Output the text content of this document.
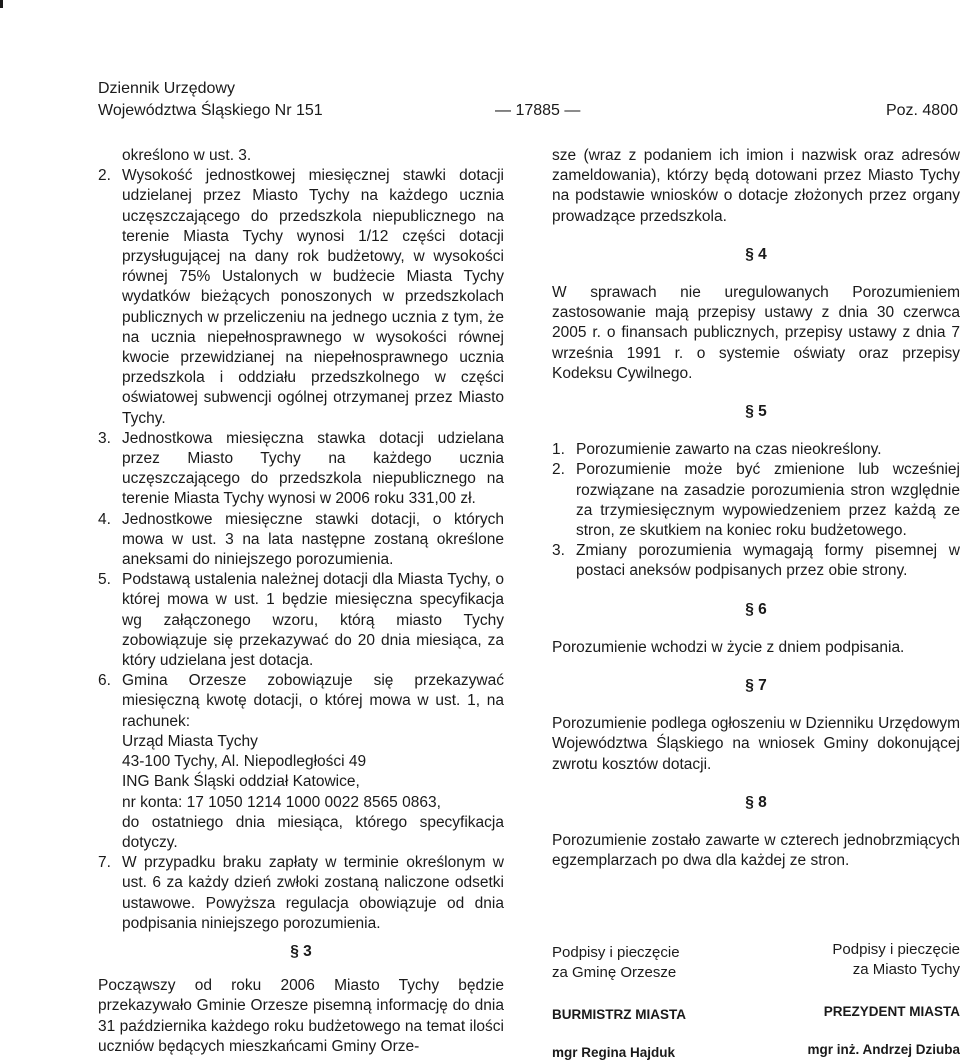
Dziennik Urzędowy
Województwa Śląskiego Nr 151	— 17885 —	Poz. 4800
określono w ust. 3.
2. Wysokość jednostkowej miesięcznej stawki dotacji udzielanej przez Miasto Tychy na każdego ucznia uczęszczającego do przedszkola niepublicznego na terenie Miasta Tychy wynosi 1/12 części dotacji przysługującej na dany rok budżetowy, w wysokości równej 75% Ustalonych w budżecie Miasta Tychy wydatków bieżących ponoszonych w przedszkolach publicznych w przeliczeniu na jednego ucznia z tym, że na ucznia niepełnosprawnego w wysokości równej kwocie przewidzianej na niepełnosprawnego ucznia przedszkola i oddziału przedszkolnego w części oświatowej subwencji ogólnej otrzymanej przez Miasto Tychy.
3. Jednostkowa miesięczna stawka dotacji udzielana przez Miasto Tychy na każdego ucznia uczęszczającego do przedszkola niepublicznego na terenie Miasta Tychy wynosi w 2006 roku 331,00 zł.
4. Jednostkowe miesięczne stawki dotacji, o których mowa w ust. 3 na lata następne zostaną określone aneksami do niniejszego porozumienia.
5. Podstawą ustalenia należnej dotacji dla Miasta Tychy, o której mowa w ust. 1 będzie miesięczna specyfikacja wg załączonego wzoru, którą miasto Tychy zobowiązuje się przekazywać do 20 dnia miesiąca, za który udzielana jest dotacja.
6. Gmina Orzesze zobowiązuje się przekazywać miesięczną kwotę dotacji, o której mowa w ust. 1, na rachunek:
Urząd Miasta Tychy
43-100 Tychy, Al. Niepodległości 49
ING Bank Śląski oddział Katowice,
nr konta: 17 1050 1214 1000 0022 8565 0863,
do ostatniego dnia miesiąca, którego specyfikacja dotyczy.
7. W przypadku braku zapłaty w terminie określonym w ust. 6 za każdy dzień zwłoki zostaną naliczone odsetki ustawowe. Powyższa regulacja obowiązuje od dnia podpisania niniejszego porozumienia.
§ 3
Począwszy od roku 2006 Miasto Tychy będzie przekazywało Gminie Orzesze pisemną informację do dnia 31 października każdego roku budżetowego na temat ilości uczniów będących mieszkańcami Gminy Orze-
sze (wraz z podaniem ich imion i nazwisk oraz adresów zameldowania), którzy będą dotowani przez Miasto Tychy na podstawie wniosków o dotacje złożonych przez organy prowadzące przedszkola.
§ 4
W sprawach nie uregulowanych Porozumieniem zastosowanie mają przepisy ustawy z dnia 30 czerwca 2005 r. o finansach publicznych, przepisy ustawy z dnia 7 września 1991 r. o systemie oświaty oraz przepisy Kodeksu Cywilnego.
§ 5
1. Porozumienie zawarto na czas nieokreślony.
2. Porozumienie może być zmienione lub wcześniej rozwiązane na zasadzie porozumienia stron względnie za trzymiesięcznym wypowiedzeniem przez każdą ze stron, ze skutkiem na koniec roku budżetowego.
3. Zmiany porozumienia wymagają formy pisemnej w postaci aneksów podpisanych przez obie strony.
§ 6
Porozumienie wchodzi w życie z dniem podpisania.
§ 7
Porozumienie podlega ogłoszeniu w Dzienniku Urzędowym Województwa Śląskiego na wniosek Gminy dokonującej zwrotu kosztów dotacji.
§ 8
Porozumienie zostało zawarte w czterech jednobrzmiących egzemplarzach po dwa dla każdej ze stron.
Podpisy i pieczęcie
za Gminę Orzesze
BURMISTRZ MIASTA
mgr Regina Hajduk
Podpisy i pieczęcie
za Miasto Tychy
PREZYDENT MIASTA
mgr inż. Andrzej Dziuba
